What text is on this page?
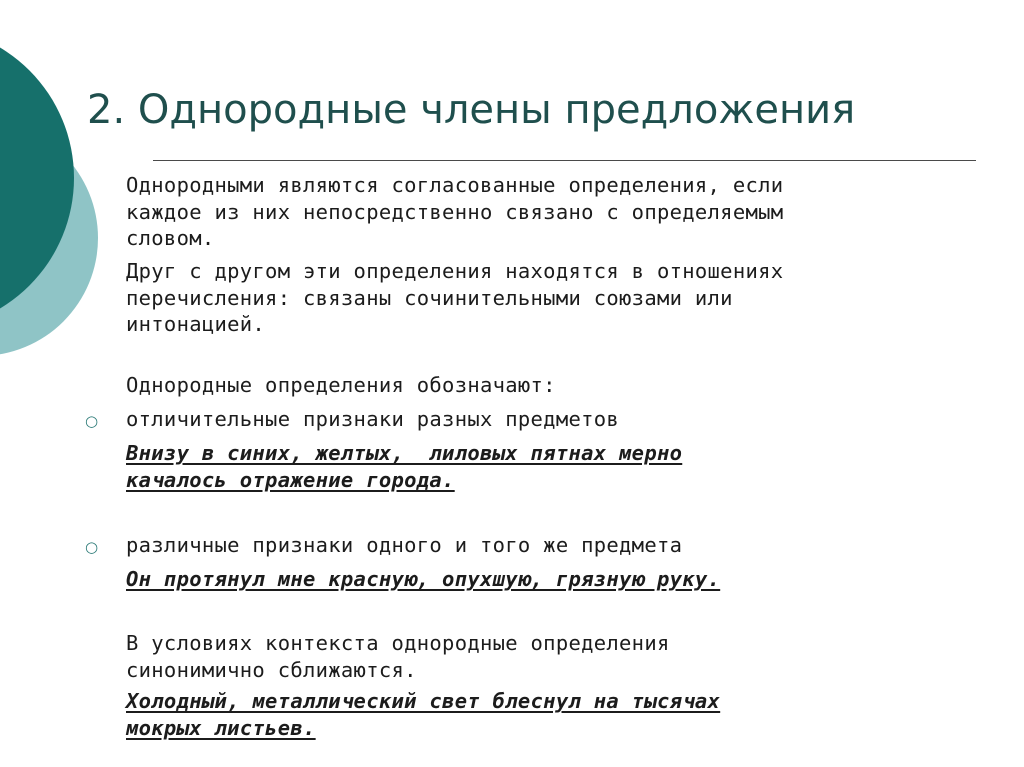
2. Однородные члены предложения

Однородными являются согласованные определения, если
каждое из них непосредственно связано с определяемым
словом.

Друг с другом эти определения находятся в отношениях
перечисления: связаны сочинительными союзами или
интонацией.

Однородные определения обозначают:

○ отличительные признаки разных предметов

Внизу в синих, желтых,  лиловых пятнах мерно
качалось отражение города.

○ различные признаки одного и того же предмета

Он протянул мне красную, опухшую, грязную руку.

В условиях контекста однородные определения
синонимично сближаются.

Холодный, металлический свет блеснул на тысячах
мокрых листьев.
